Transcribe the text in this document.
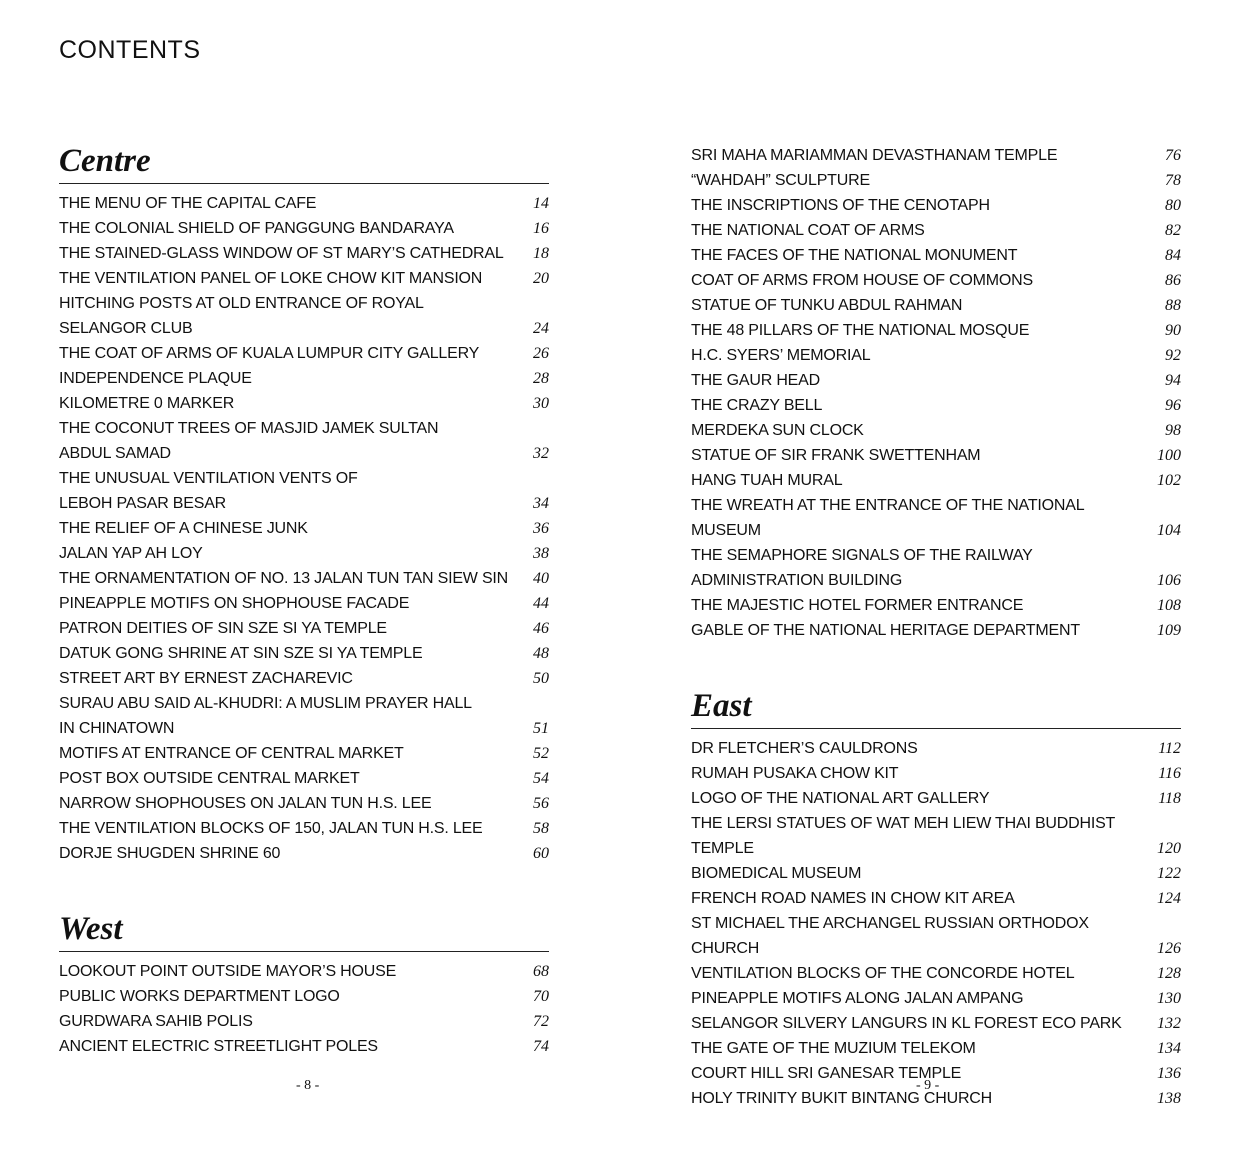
CONTENTS
Centre
THE MENU OF THE CAPITAL CAFE	14
THE COLONIAL SHIELD OF PANGGUNG BANDARAYA	16
THE STAINED-GLASS WINDOW OF ST MARY’S CATHEDRAL	18
THE VENTILATION PANEL OF LOKE CHOW KIT MANSION	20
HITCHING POSTS AT OLD ENTRANCE OF ROYAL
SELANGOR CLUB	24
THE COAT OF ARMS OF KUALA LUMPUR CITY GALLERY	26
INDEPENDENCE PLAQUE	28
KILOMETRE 0 MARKER	30
THE COCONUT TREES OF MASJID JAMEK SULTAN
ABDUL SAMAD	32
THE UNUSUAL VENTILATION VENTS OF
LEBOH PASAR BESAR	34
THE RELIEF OF A CHINESE JUNK	36
JALAN YAP AH LOY	38
THE ORNAMENTATION OF NO. 13 JALAN TUN TAN SIEW SIN	40
PINEAPPLE MOTIFS ON SHOPHOUSE FACADE	44
PATRON DEITIES OF SIN SZE SI YA TEMPLE	46
DATUK GONG SHRINE AT SIN SZE SI YA TEMPLE	48
STREET ART BY ERNEST ZACHAREVIC	50
SURAU ABU SAID AL-KHUDRI: A MUSLIM PRAYER HALL
IN CHINATOWN	51
MOTIFS AT ENTRANCE OF CENTRAL MARKET	52
POST BOX OUTSIDE CENTRAL MARKET	54
NARROW SHOPHOUSES ON JALAN TUN H.S. LEE	56
THE VENTILATION BLOCKS OF 150, JALAN TUN H.S. LEE	58
DORJE SHUGDEN SHRINE 60	60
West
LOOKOUT POINT OUTSIDE MAYOR’S HOUSE	68
PUBLIC WORKS DEPARTMENT LOGO	70
GURDWARA SAHIB POLIS	72
ANCIENT ELECTRIC STREETLIGHT POLES	74
SRI MAHA MARIAMMAN DEVASTHANAM TEMPLE	76
“WAHDAH” SCULPTURE	78
THE INSCRIPTIONS OF THE CENOTAPH	80
THE NATIONAL COAT OF ARMS	82
THE FACES OF THE NATIONAL MONUMENT	84
COAT OF ARMS FROM HOUSE OF COMMONS	86
STATUE OF TUNKU ABDUL RAHMAN	88
THE 48 PILLARS OF THE NATIONAL MOSQUE	90
H.C. SYERS’ MEMORIAL	92
THE GAUR HEAD	94
THE CRAZY BELL	96
MERDEKA SUN CLOCK	98
STATUE OF SIR FRANK SWETTENHAM	100
HANG TUAH MURAL	102
THE WREATH AT THE ENTRANCE OF THE NATIONAL MUSEUM	104
THE SEMAPHORE SIGNALS OF THE RAILWAY
ADMINISTRATION BUILDING	106
THE MAJESTIC HOTEL FORMER ENTRANCE	108
GABLE OF THE NATIONAL HERITAGE DEPARTMENT	109
East
DR FLETCHER’S CAULDRONS	112
RUMAH PUSAKA CHOW KIT	116
LOGO OF THE NATIONAL ART GALLERY	118
THE LERSI STATUES OF WAT MEH LIEW THAI BUDDHIST
TEMPLE	120
BIOMEDICAL MUSEUM	122
FRENCH ROAD NAMES IN CHOW KIT AREA	124
ST MICHAEL THE ARCHANGEL RUSSIAN ORTHODOX CHURCH	126
VENTILATION BLOCKS OF THE CONCORDE HOTEL	128
PINEAPPLE MOTIFS ALONG JALAN AMPANG	130
SELANGOR SILVERY LANGURS IN KL FOREST ECO PARK	132
THE GATE OF THE MUZIUM TELEKOM	134
COURT HILL SRI GANESAR TEMPLE	136
HOLY TRINITY BUKIT BINTANG CHURCH	138
- 8 -	- 9 -
